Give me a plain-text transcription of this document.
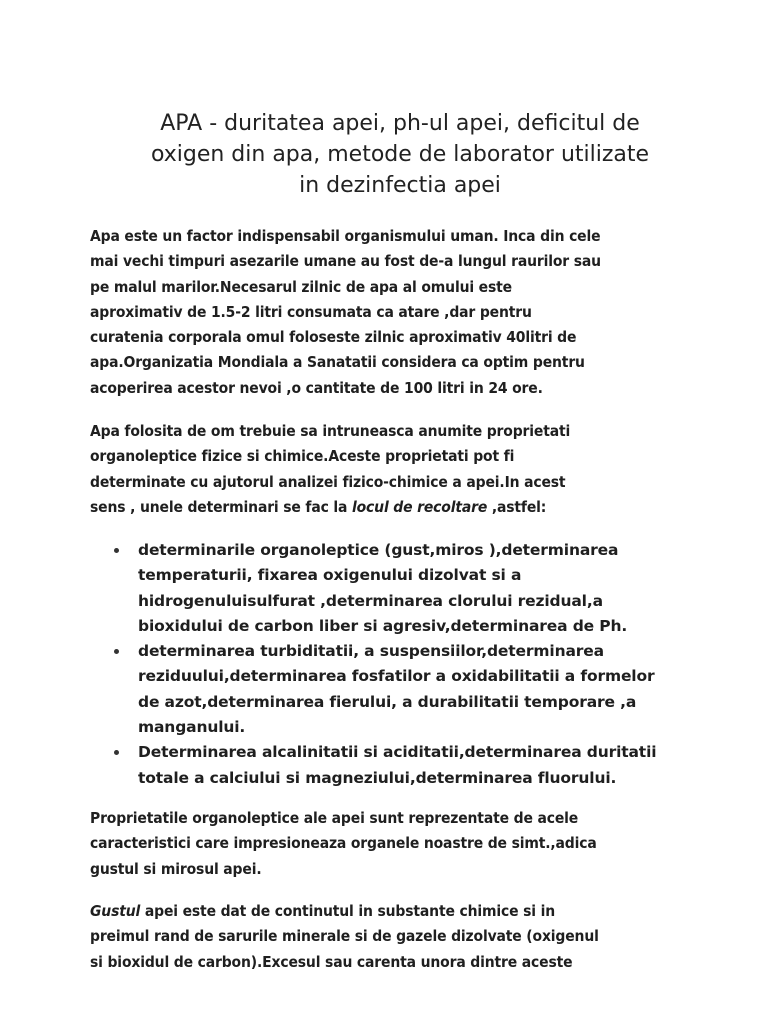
APA - duritatea apei, ph-ul apei, deficitul de
oxigen din apa, metode de laborator utilizate
in dezinfectia apei

Apa este un factor indispensabil organismului uman. Inca din cele
mai vechi timpuri asezarile umane au fost de-a lungul raurilor sau
pe malul marilor.Necesarul zilnic de apa al omului este
aproximativ de 1.5-2 litri consumata ca atare ,dar pentru
curatenia corporala omul foloseste zilnic aproximativ 40litri de
apa.Organizatia Mondiala a Sanatatii considera ca optim pentru
acoperirea acestor nevoi ,o cantitate de 100 litri in 24 ore.

Apa folosita de om trebuie sa intruneasca anumite proprietati
organoleptice fizice si chimice.Aceste proprietati pot fi
determinate cu ajutorul analizei fizico-chimice a apei.In acest
sens , unele determinari se fac la locul de recoltare ,astfel:

determinarile organoleptice (gust,miros ),determinarea
temperaturii, fixarea oxigenului dizolvat si a
hidrogenuluisulfurat ,determinarea clorului rezidual,a
bioxidului de carbon liber si agresiv,determinarea de Ph.
determinarea turbiditatii, a suspensiilor,determinarea
reziduului,determinarea fosfatilor a oxidabilitatii a formelor
de azot,determinarea fierului, a durabilitatii temporare ,a
manganului.
Determinarea alcalinitatii si aciditatii,determinarea duritatii
totale a calciului si magneziului,determinarea fluorului.

Proprietatile organoleptice ale apei sunt reprezentate de acele
caracteristici care impresioneaza organele noastre de simt.,adica
gustul si mirosul apei.

Gustul apei este dat de continutul in substante chimice si in
preimul rand de sarurile minerale si de gazele dizolvate (oxigenul
si bioxidul de carbon).Excesul sau carenta unora dintre aceste
